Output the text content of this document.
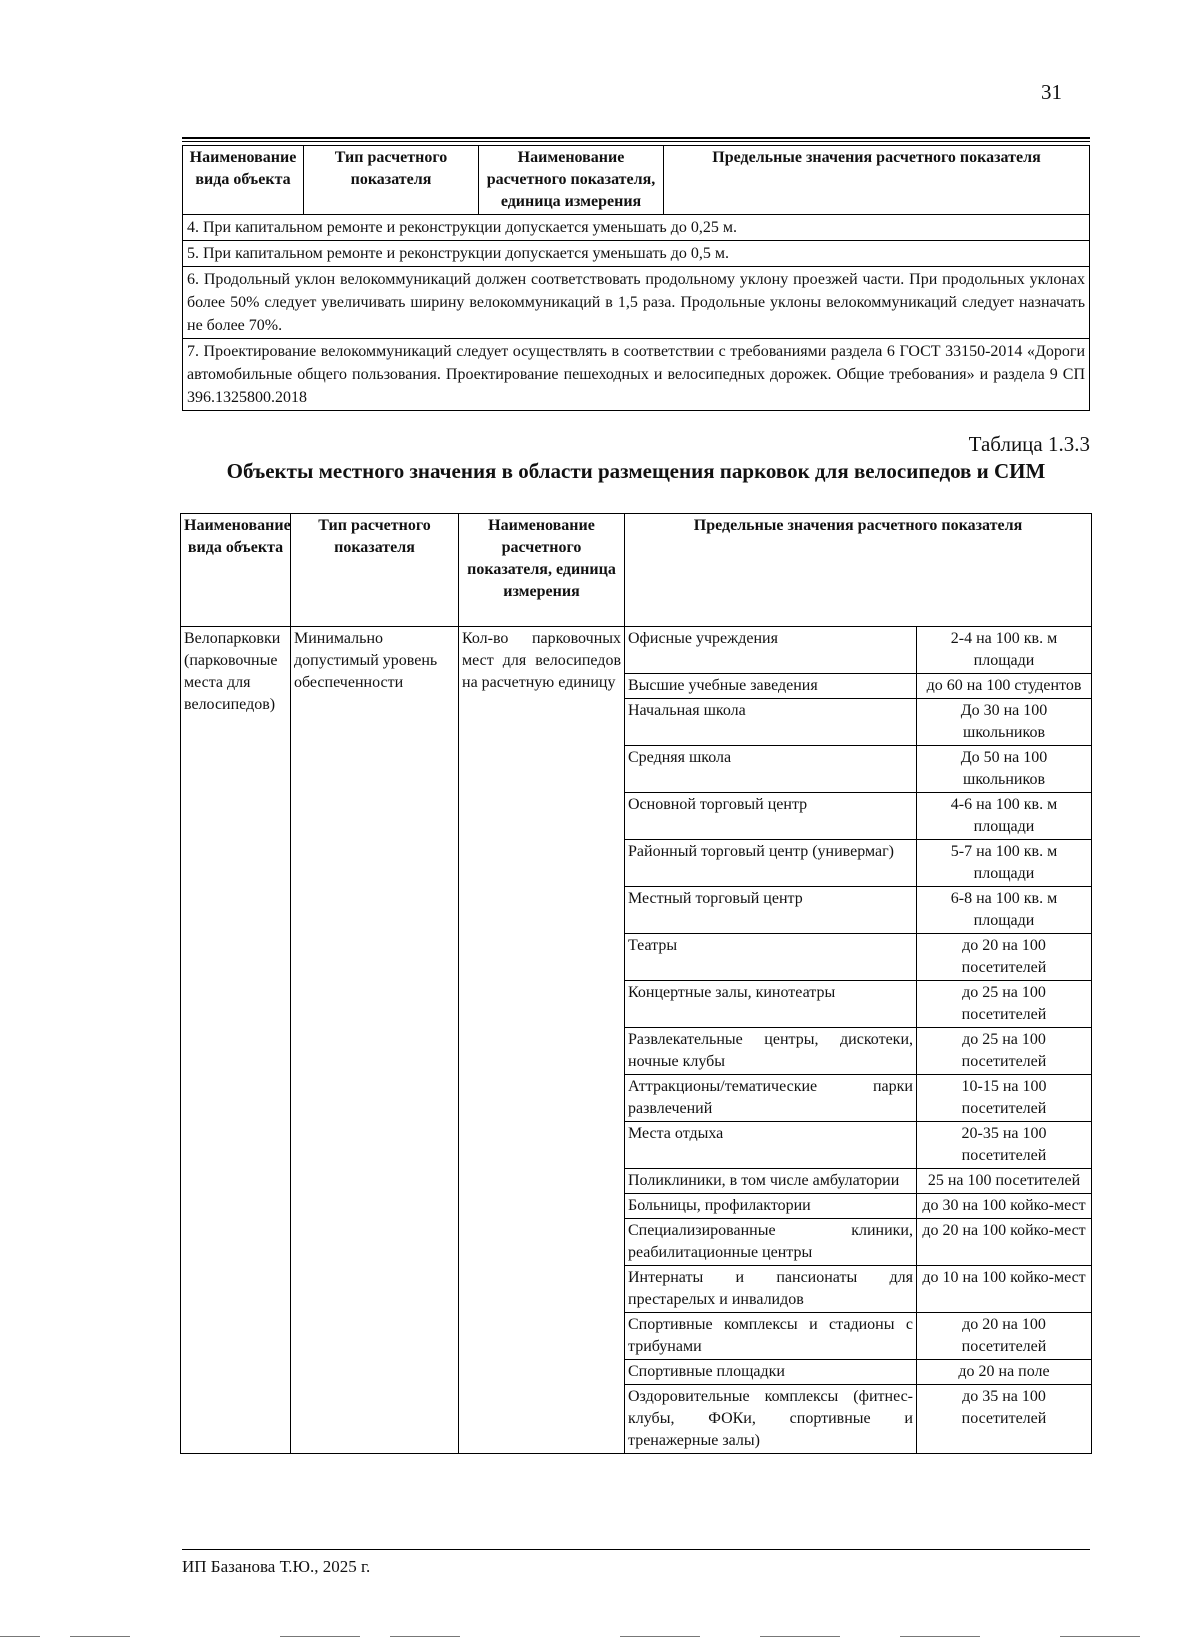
31
Наименование вида объекта	Тип расчетного показателя	Наименование расчетного показателя, единица измерения	Предельные значения расчетного показателя
4. При капитальном ремонте и реконструкции допускается уменьшать до 0,25 м.
5. При капитальном ремонте и реконструкции допускается уменьшать до 0,5 м.
6. Продольный уклон велокоммуникаций должен соответствовать продольному уклону проезжей части. При продольных уклонах более 50% следует увеличивать ширину велокоммуникаций в 1,5 раза. Продольные уклоны велокоммуникаций следует назначать не более 70%.
7. Проектирование велокоммуникаций следует осуществлять в соответствии с требованиями раздела 6 ГОСТ 33150-2014 «Дороги автомобильные общего пользования. Проектирование пешеходных и велосипедных дорожек. Общие требования» и раздела 9 СП 396.1325800.2018
Таблица 1.3.3
Объекты местного значения в области размещения парковок для велосипедов и СИМ
Наименование вида объекта	Тип расчетного показателя	Наименование расчетного показателя, единица измерения	Предельные значения расчетного показателя	
Велопарковки (парковочные места для велосипедов)	Минимально допустимый уровень обеспеченности	Кол-во парковочных мест для велосипедов на расчетную единицу	Офисные учреждения	2-4 на 100 кв. м площади
			Высшие учебные заведения	до 60 на 100 студентов
			Начальная школа	До 30 на 100 школьников
			Средняя школа	До 50 на 100 школьников
			Основной торговый центр	4-6 на 100 кв. м площади
			Районный торговый центр (универмаг)	5-7 на 100 кв. м площади
			Местный торговый центр	6-8 на 100 кв. м площади
			Театры	до 20 на 100 посетителей
			Концертные залы, кинотеатры	до 25 на 100 посетителей
			Развлекательные центры, дискотеки, ночные клубы	до 25 на 100 посетителей
			Аттракционы/тематические парки развлечений	10-15 на 100 посетителей
			Места отдыха	20-35 на 100 посетителей
			Поликлиники, в том числе амбулатории	25 на 100 посетителей
			Больницы, профилактории	до 30 на 100 койко-мест
			Специализированные клиники, реабилитационные центры	до 20 на 100 койко-мест
			Интернаты и пансионаты для престарелых и инвалидов	до 10 на 100 койко-мест
			Спортивные комплексы и стадионы с трибунами	до 20 на 100 посетителей
			Спортивные площадки	до 20 на поле
			Оздоровительные комплексы (фитнес-клубы, ФОКи, спортивные и тренажерные залы)	до 35 на 100 посетителей
ИП Базанова Т.Ю., 2025 г.
